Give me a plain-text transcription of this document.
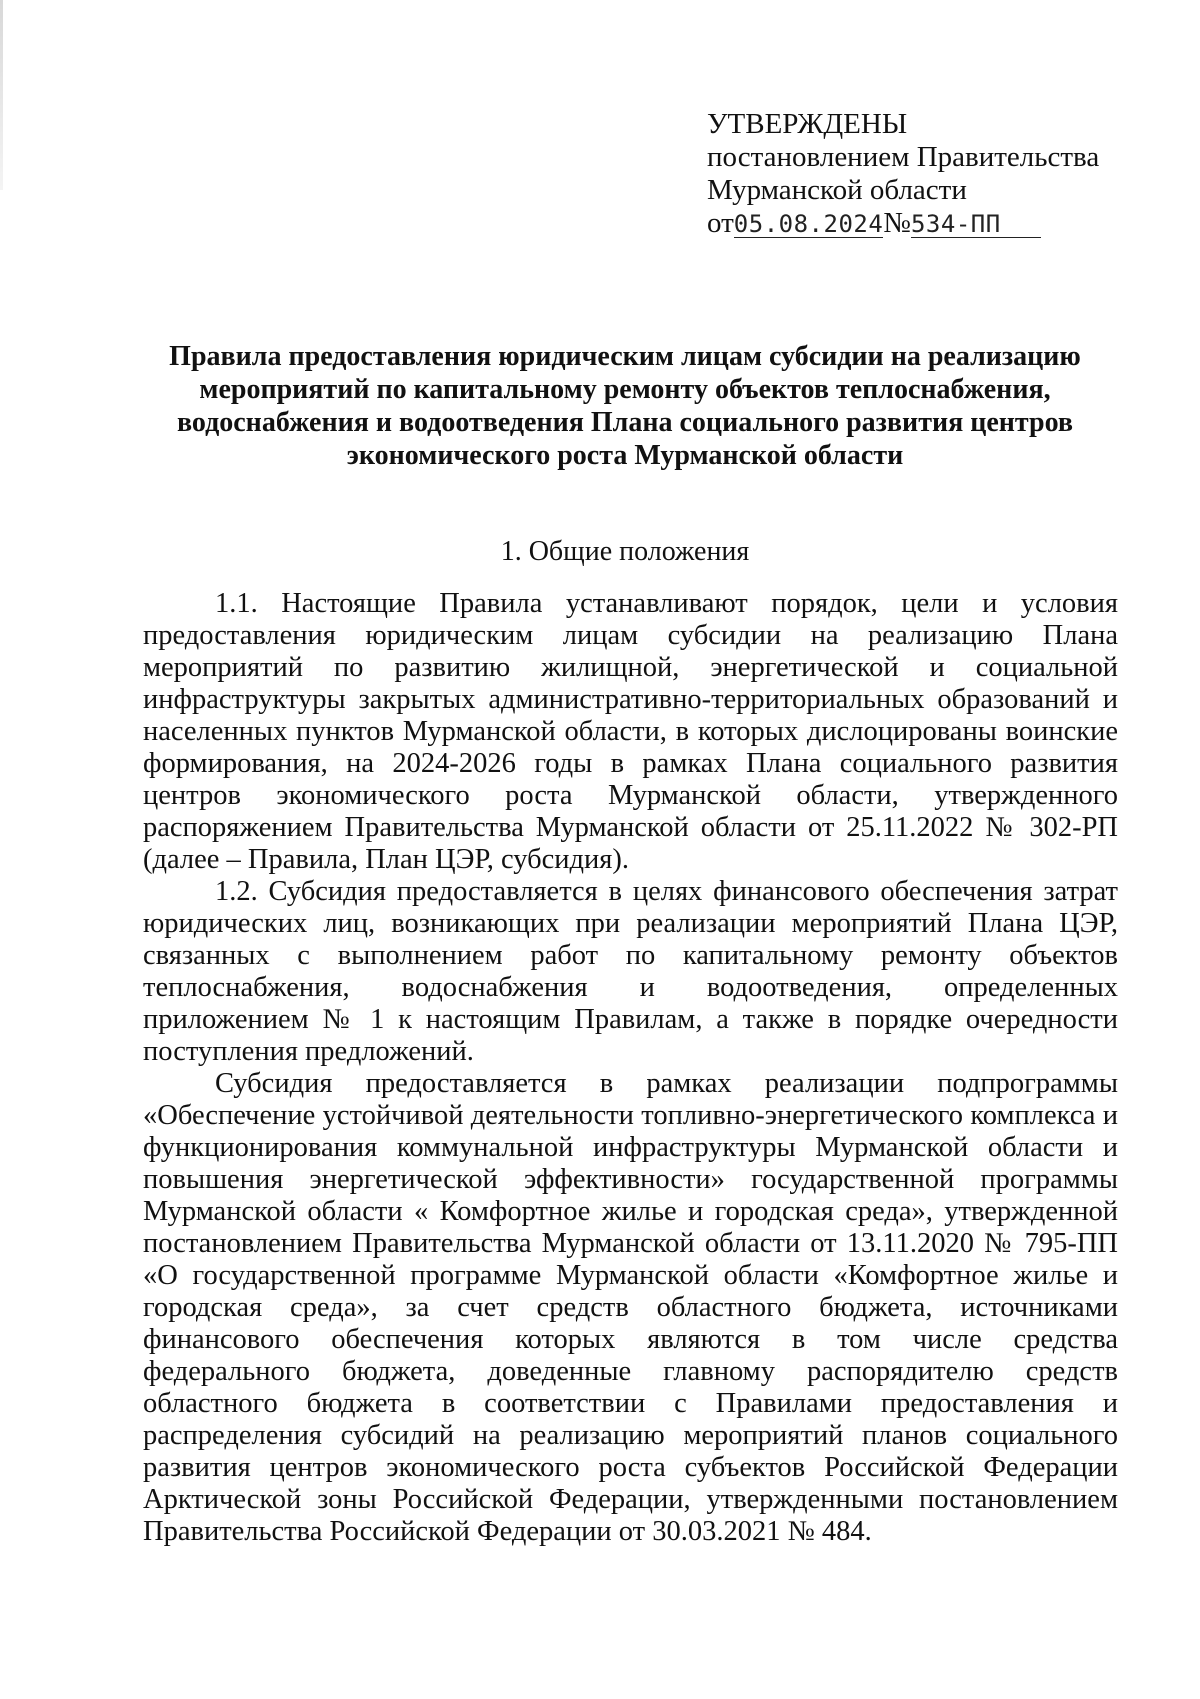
УТВЕРЖДЕНЫ
постановлением Правительства
Мурманской области
от05.08.2024№534-ПП
Правила предоставления юридическим лицам субсидии на реализацию
мероприятий по капитальному ремонту объектов теплоснабжения,
водоснабжения и водоотведения Плана социального развития центров
экономического роста Мурманской области
1. Общие положения
1.1. Настоящие Правила устанавливают порядок, цели и условия
предоставления юридическим лицам субсидии на реализацию Плана
мероприятий по развитию жилищной, энергетической и социальной
инфраструктуры закрытых административно-территориальных образований и
населенных пунктов Мурманской области, в которых дислоцированы воинские
формирования, на 2024-2026 годы в рамках Плана социального развития
центров экономического роста Мурманской области, утвержденного
распоряжением Правительства Мурманской области от 25.11.2022 № 302-РП
(далее – Правила, План ЦЭР, субсидия).
1.2. Субсидия предоставляется в целях финансового обеспечения затрат
юридических лиц, возникающих при реализации мероприятий Плана ЦЭР,
связанных с выполнением работ по капитальному ремонту объектов
теплоснабжения, водоснабжения и водоотведения, определенных
приложением № 1 к настоящим Правилам, а также в порядке очередности
поступления предложений.
Субсидия предоставляется в рамках реализации подпрограммы
«Обеспечение устойчивой деятельности топливно-энергетического комплекса и
функционирования коммунальной инфраструктуры Мурманской области и
повышения энергетической эффективности» государственной программы
Мурманской области « Комфортное жилье и городская среда», утвержденной
постановлением Правительства Мурманской области от 13.11.2020 № 795-ПП
«О государственной программе Мурманской области «Комфортное жилье и
городская среда», за счет средств областного бюджета, источниками
финансового обеспечения которых являются в том числе средства
федерального бюджета, доведенные главному распорядителю средств
областного бюджета в соответствии с Правилами предоставления и
распределения субсидий на реализацию мероприятий планов социального
развития центров экономического роста субъектов Российской Федерации
Арктической зоны Российской Федерации, утвержденными постановлением
Правительства Российской Федерации от 30.03.2021 № 484.
